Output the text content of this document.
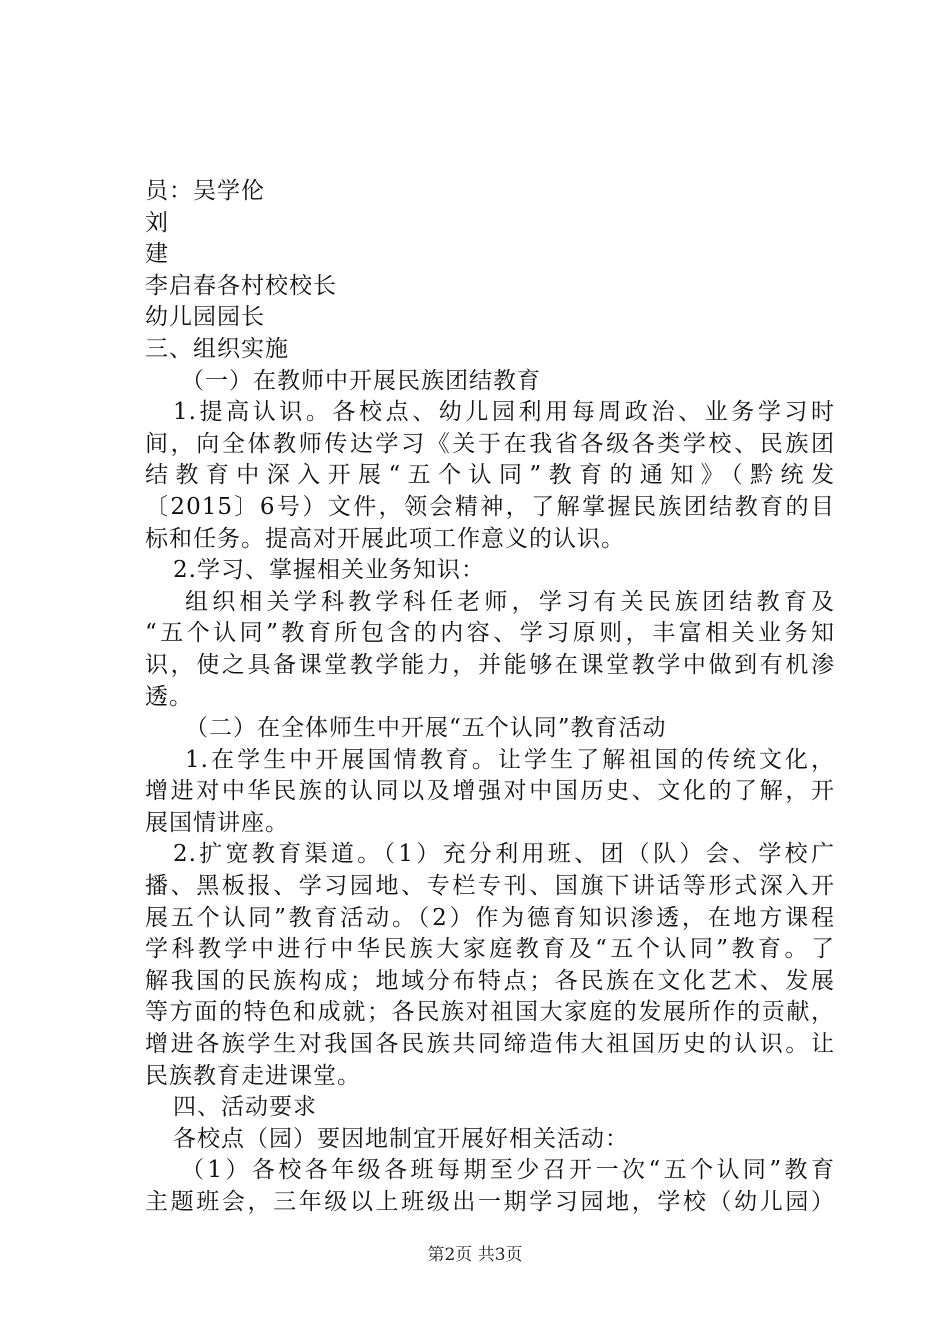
员：吴学伦

刘

建

李启春各村校校长

幼儿园园长

三、组织实施

（一）在教师中开展民族团结教育

1.提高认识。各校点、幼儿园利用每周政治、业务学习时

间，向全体教师传达学习《关于在我省各级各类学校、民族团

结教育中深入开展“五个认同”教育的通知》（黔统发

〔2015〕6号）文件，领会精神，了解掌握民族团结教育的目

标和任务。提高对开展此项工作意义的认识。

2.学习、掌握相关业务知识：

组织相关学科教学科任老师，学习有关民族团结教育及

“五个认同”教育所包含的内容、学习原则，丰富相关业务知

识，使之具备课堂教学能力，并能够在课堂教学中做到有机渗

透。

（二）在全体师生中开展“五个认同”教育活动

1.在学生中开展国情教育。让学生了解祖国的传统文化，

增进对中华民族的认同以及增强对中国历史、文化的了解，开

展国情讲座。

2.扩宽教育渠道。（1）充分利用班、团（队）会、学校广

播、黑板报、学习园地、专栏专刊、国旗下讲话等形式深入开

展五个认同”教育活动。（2）作为德育知识渗透，在地方课程

学科教学中进行中华民族大家庭教育及“五个认同”教育。了

解我国的民族构成；地域分布特点；各民族在文化艺术、发展

等方面的特色和成就；各民族对祖国大家庭的发展所作的贡献，

增进各族学生对我国各民族共同缔造伟大祖国历史的认识。让

民族教育走进课堂。

四、活动要求

各校点（园）要因地制宜开展好相关活动：

（1）各校各年级各班每期至少召开一次“五个认同”教育

主题班会，三年级以上班级出一期学习园地，学校（幼儿园）

第2页 共3页
